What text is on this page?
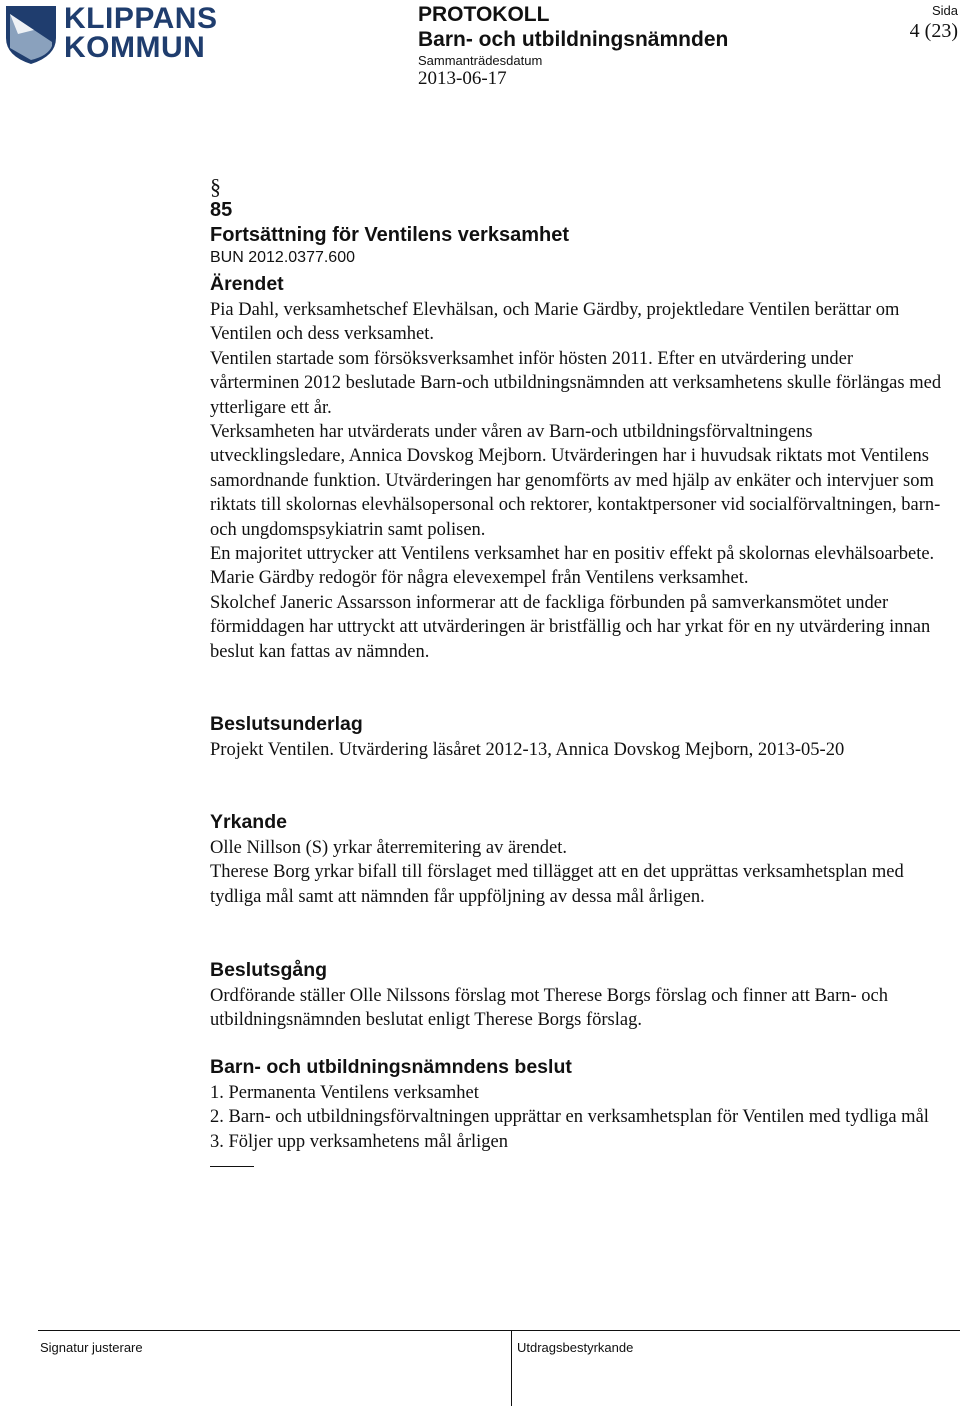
KLIPPANS
KOMMUN
PROTOKOLL
Barn- och utbildningsnämnden
Sammanträdesdatum
2013-06-17
Sida
4 (23)
§
85
Fortsättning för Ventilens verksamhet
BUN 2012.0377.600
Ärendet

Pia Dahl, verksamhetschef Elevhälsan, och Marie Gärdby, projektledare Ventilen berättar om Ventilen och dess verksamhet.

Ventilen startade som försöksverksamhet inför hösten 2011. Efter en utvärdering under vårterminen 2012 beslutade Barn-och utbildningsnämnden att verksamhetens skulle förlängas med ytterligare ett år.

Verksamheten har utvärderats under våren av Barn-och utbildningsförvaltningens utvecklingsledare, Annica Dovskog Mejborn. Utvärderingen har i huvudsak riktats mot Ventilens samordnande funktion. Utvärderingen har genomförts av med hjälp av enkäter och intervjuer som riktats till skolornas elevhälsopersonal och rektorer, kontaktpersoner vid socialförvaltningen, barn-och ungdomspsykiatrin samt polisen.

En majoritet uttrycker att Ventilens verksamhet har en positiv effekt på skolornas elevhälsoarbete.

Marie Gärdby redogör för några elevexempel från Ventilens verksamhet.

Skolchef Janeric Assarsson informerar att de fackliga förbunden på samverkansmötet under förmiddagen har uttryckt att utvärderingen är bristfällig och har yrkat för en ny utvärdering innan beslut kan fattas av nämnden.

Beslutsunderlag

Projekt Ventilen. Utvärdering läsåret 2012-13, Annica Dovskog Mejborn, 2013-05-20

Yrkande

Olle Nillson (S) yrkar återremitering av ärendet.

Therese Borg yrkar bifall till förslaget med tillägget att en det upprättas verksamhetsplan med tydliga mål samt att nämnden får uppföljning av dessa mål årligen.

Beslutsgång

Ordförande ställer Olle Nilssons förslag mot Therese Borgs förslag och finner att Barn- och utbildningsnämnden beslutat enligt Therese Borgs förslag.

Barn- och utbildningsnämndens beslut

1. Permanenta Ventilens verksamhet

2. Barn- och utbildningsförvaltningen upprättar en verksamhetsplan för Ventilen med tydliga mål

3. Följer upp verksamhetens mål årligen

Signatur justerare	Utdragsbestyrkande
